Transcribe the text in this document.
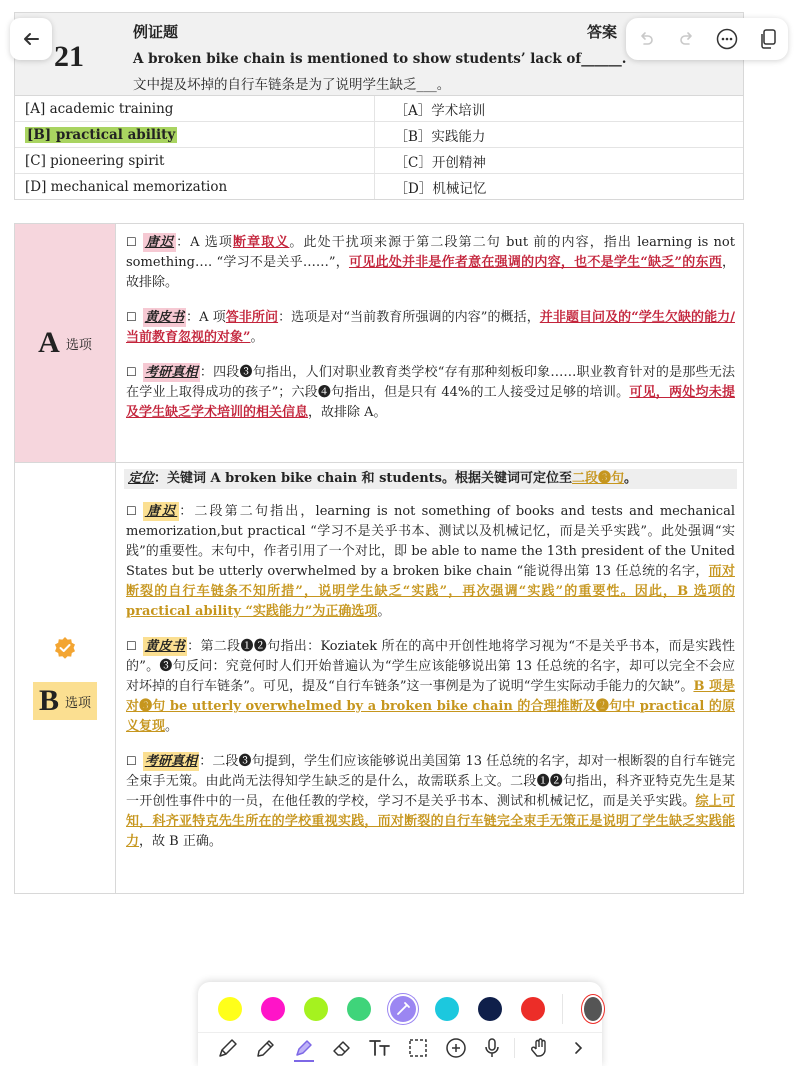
21
例证题	答案
A broken bike chain is mentioned to show students’ lack of______.
文中提及坏掉的自行车链条是为了说明学生缺乏___。
[A] academic training	［A］学术培训
[B] practical ability	［B］实践能力
[C] pioneering spirit	［C］开创精神
[D] mechanical memorization	［D］机械记忆
A 选项

☐ 唐迟 ：A 选项断章取义。此处干扰项来源于第二段第二句 but 前的内容，指出 learning is not something…. “学习不是关乎……”，可见此处并非是作者意在强调的内容，也不是学生“缺乏”的东西，故排除。

☐ 黄皮书 ：A 项答非所问：选项是对“当前教育所强调的内容”的概括，并非题目问及的“学生欠缺的能力/当前教育忽视的对象”。

☐ 考研真相 ：四段❸句指出，人们对职业教育类学校“存有那种刻板印象……职业教育针对的是那些无法在学业上取得成功的孩子”；六段❹句指出，但是只有 44%的工人接受过足够的培训。可见，两处均未提及学生缺乏学术培训的相关信息，故排除 A。

B 选项

定位：关键词 A broken bike chain 和 students。根据关键词可定位至二段❸句。

☐ 唐迟 ：二段第二句指出，learning is not something of books and tests and mechanical memorization,but practical “学习不是关乎书本、测试以及机械记忆，而是关乎实践”。此处强调“实践”的重要性。末句中，作者引用了一个对比，即 be able to name the 13th president of the United States but be utterly overwhelmed by a broken bike chain “能说得出第 13 任总统的名字，而对断裂的自行车链条不知所措”，说明学生缺乏“实践”，再次强调“实践”的重要性。因此，B 选项的 practical ability “实践能力”为正确选项。

☐ 黄皮书 ：第二段❶❷句指出：Koziatek 所在的高中开创性地将学习视为“不是关乎书本，而是实践性的”。❸句反问：究竟何时人们开始普遍认为“学生应该能够说出第 13 任总统的名字，却可以完全不会应对坏掉的自行车链条”。可见，提及“自行车链条”这一事例是为了说明“学生实际动手能力的欠缺”。B 项是对❸句 be utterly overwhelmed by a broken bike chain 的合理推断及❷句中 practical 的原义复现。

☐ 考研真相 ：二段❸句提到，学生们应该能够说出美国第 13 任总统的名字，却对一根断裂的自行车链完全束手无策。由此尚无法得知学生缺乏的是什么，故需联系上文。二段❶❷句指出，科齐亚特克先生是某一开创性事件中的一员，在他任教的学校，学习不是关乎书本、测试和机械记忆，而是关乎实践。综上可知，科齐亚特克先生所在的学校重视实践，而对断裂的自行车链完全束手无策正是说明了学生缺乏实践能力，故 B 正确。
